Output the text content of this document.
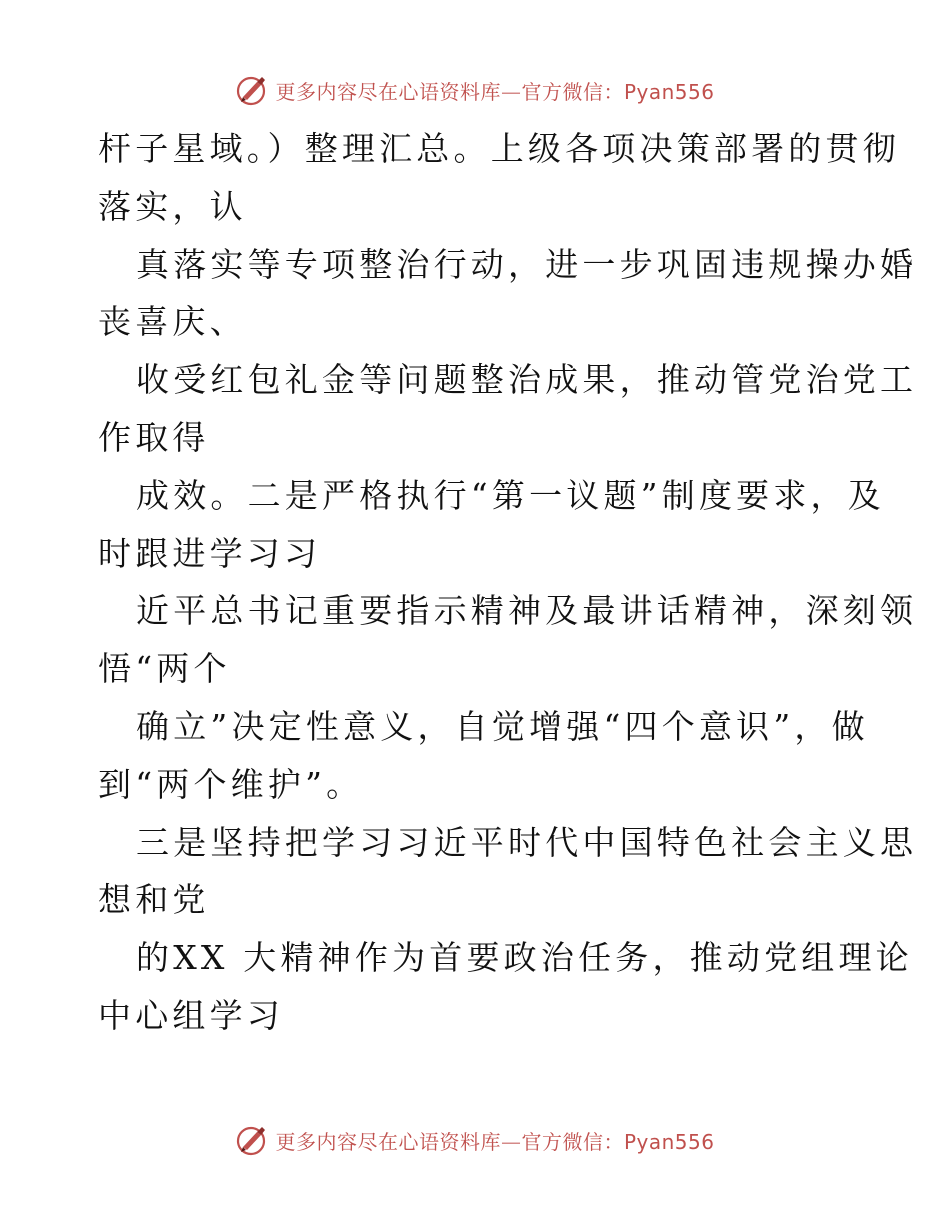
更多内容尽在心语资料库—官方微信：Pyan556
杆子星域。）整理汇总。上级各项决策部署的贯彻
落实，认
真落实等专项整治行动，进一步巩固违规操办婚
丧喜庆、
收受红包礼金等问题整治成果，推动管党治党工
作取得
成效。二是严格执行“第一议题”制度要求，及
时跟进学习习
近平总书记重要指示精神及最讲话精神，深刻领
悟“两个
确立”决定性意义，自觉增强“四个意识”，做
到“两个维护”。
三是坚持把学习习近平时代中国特色社会主义思
想和党
的XX 大精神作为首要政治任务，推动党组理论
中心组学习
更多内容尽在心语资料库—官方微信：Pyan556
